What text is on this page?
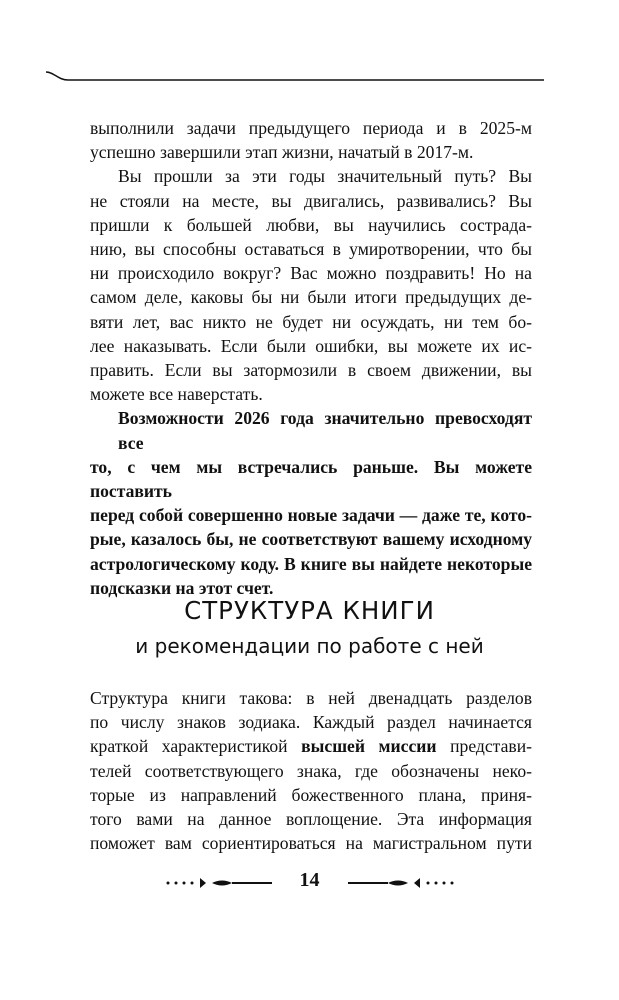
выполнили задачи предыдущего периода и в 2025-м
успешно завершили этап жизни, начатый в 2017-м.
Вы прошли за эти годы значительный путь? Вы
не стояли на месте, вы двигались, развивались? Вы
пришли к большей любви, вы научились сострада-
нию, вы способны оставаться в умиротворении, что бы
ни происходило вокруг? Вас можно поздравить! Но на
самом деле, каковы бы ни были итоги предыдущих де-
вяти лет, вас никто не будет ни осуждать, ни тем бо-
лее наказывать. Если были ошибки, вы можете их ис-
править. Если вы затормозили в своем движении, вы
можете все наверстать.
Возможности 2026 года значительно превосходят все
то, с чем мы встречались раньше. Вы можете поставить
перед собой совершенно новые задачи — даже те, кото-
рые, казалось бы, не соответствуют вашему исходному
астрологическому коду. В книге вы найдете некоторые
подсказки на этот счет.
СТРУКТУРА КНИГИ
и рекомендации по работе с ней
Структура книги такова: в ней двенадцать разделов
по числу знаков зодиака. Каждый раздел начинается
краткой характеристикой высшей миссии представи-
телей соответствующего знака, где обозначены неко-
торые из направлений божественного плана, приня-
того вами на данное воплощение. Эта информация
поможет вам сориентироваться на магистральном пути
14
